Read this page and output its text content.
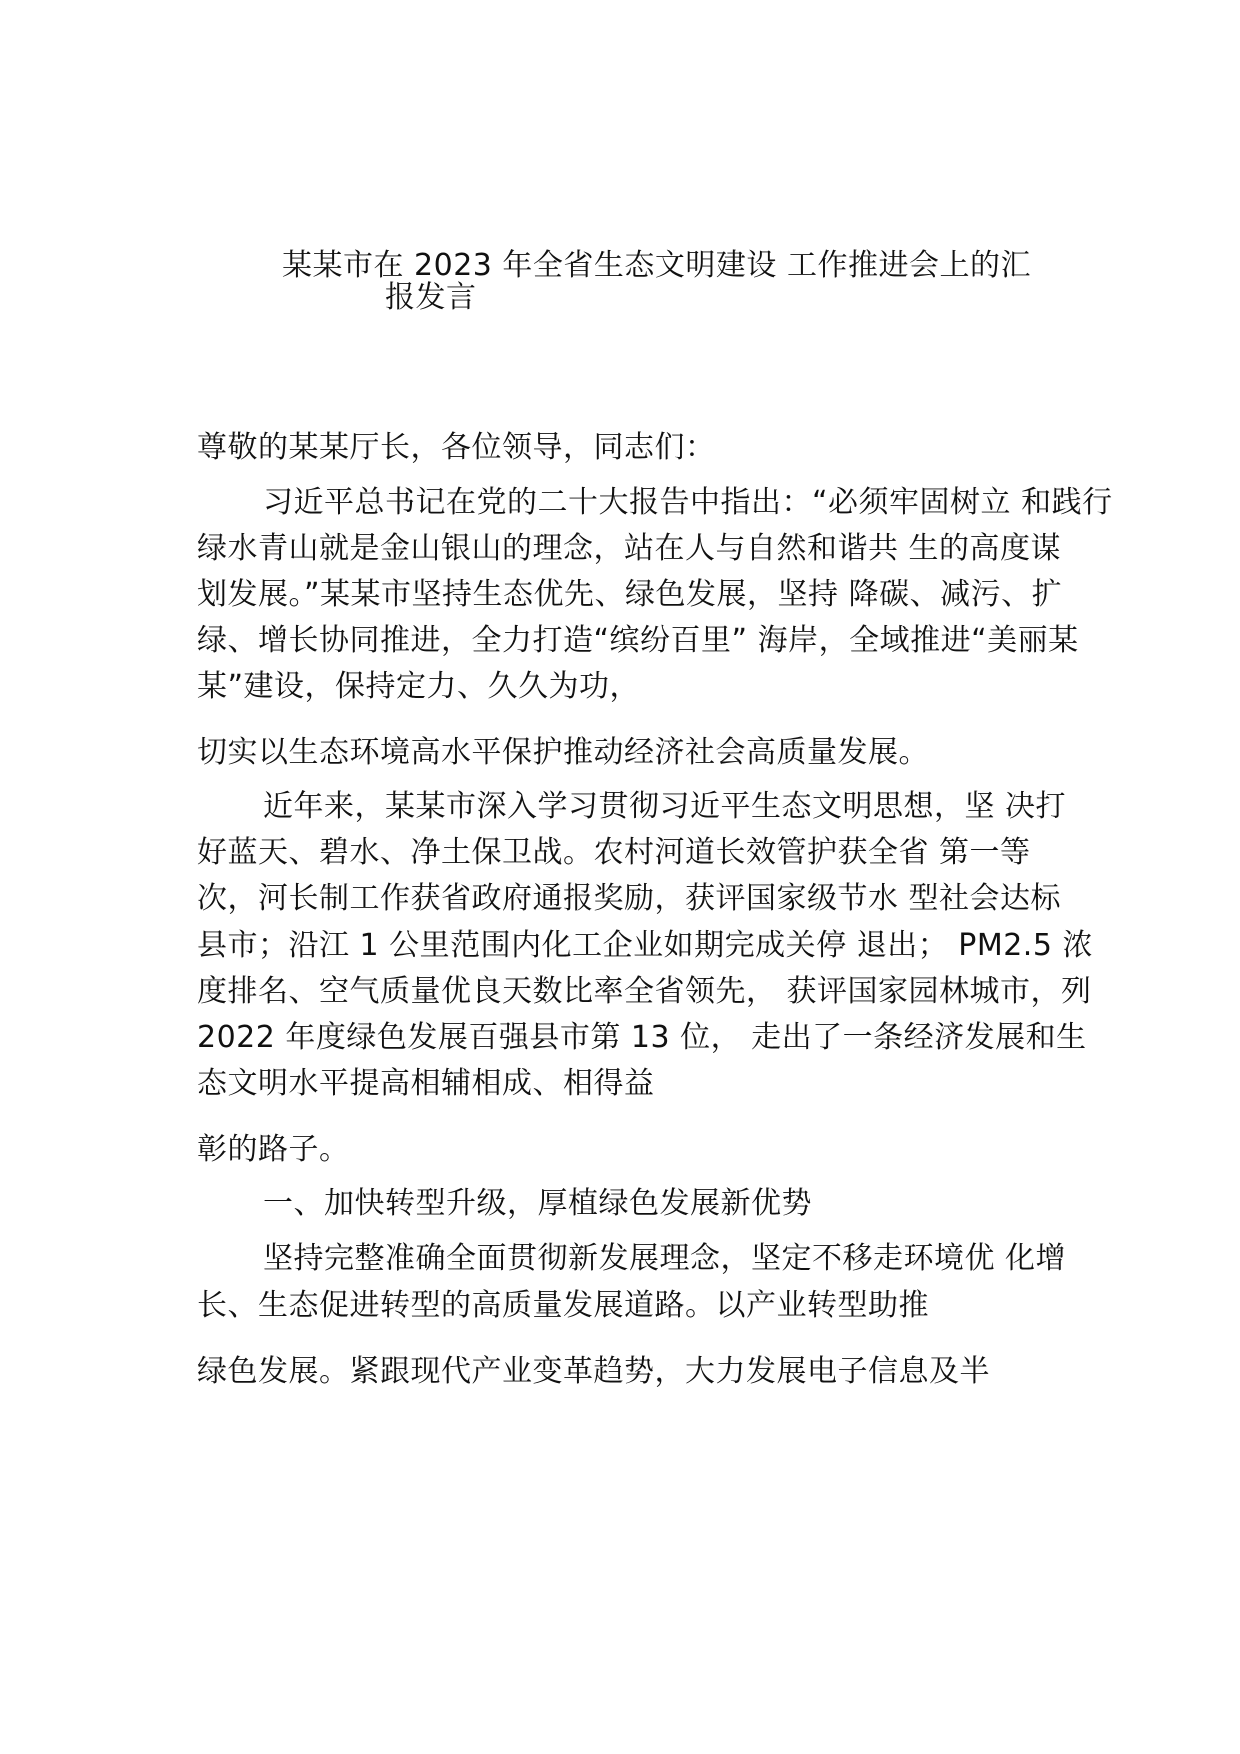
某某市在 2023 年全省生态文明建设 工作推进会上的汇
报发言
尊敬的某某厅长，各位领导，同志们：
习近平总书记在党的二十大报告中指出：“必须牢固树立 和践行
绿水青山就是金山银山的理念，站在人与自然和谐共 生的高度谋
划发展。”某某市坚持生态优先、绿色发展，坚持 降碳、减污、扩
绿、增长协同推进，全力打造“缤纷百里” 海岸，全域推进“美丽某
某”建设，保持定力、久久为功，
切实以生态环境高水平保护推动经济社会高质量发展。
近年来，某某市深入学习贯彻习近平生态文明思想，坚 决打
好蓝天、碧水、净土保卫战。农村河道长效管护获全省 第一等
次，河长制工作获省政府通报奖励，获评国家级节水 型社会达标
县市；沿江 1 公里范围内化工企业如期完成关停 退出； PM2.5 浓
度排名、空气质量优良天数比率全省领先， 获评国家园林城市，列
2022 年度绿色发展百强县市第 13 位， 走出了一条经济发展和生
态文明水平提高相辅相成、相得益
彰的路子。
一、加快转型升级，厚植绿色发展新优势
坚持完整准确全面贯彻新发展理念，坚定不移走环境优 化增
长、生态促进转型的高质量发展道路。以产业转型助推
绿色发展。紧跟现代产业变革趋势，大力发展电子信息及半
